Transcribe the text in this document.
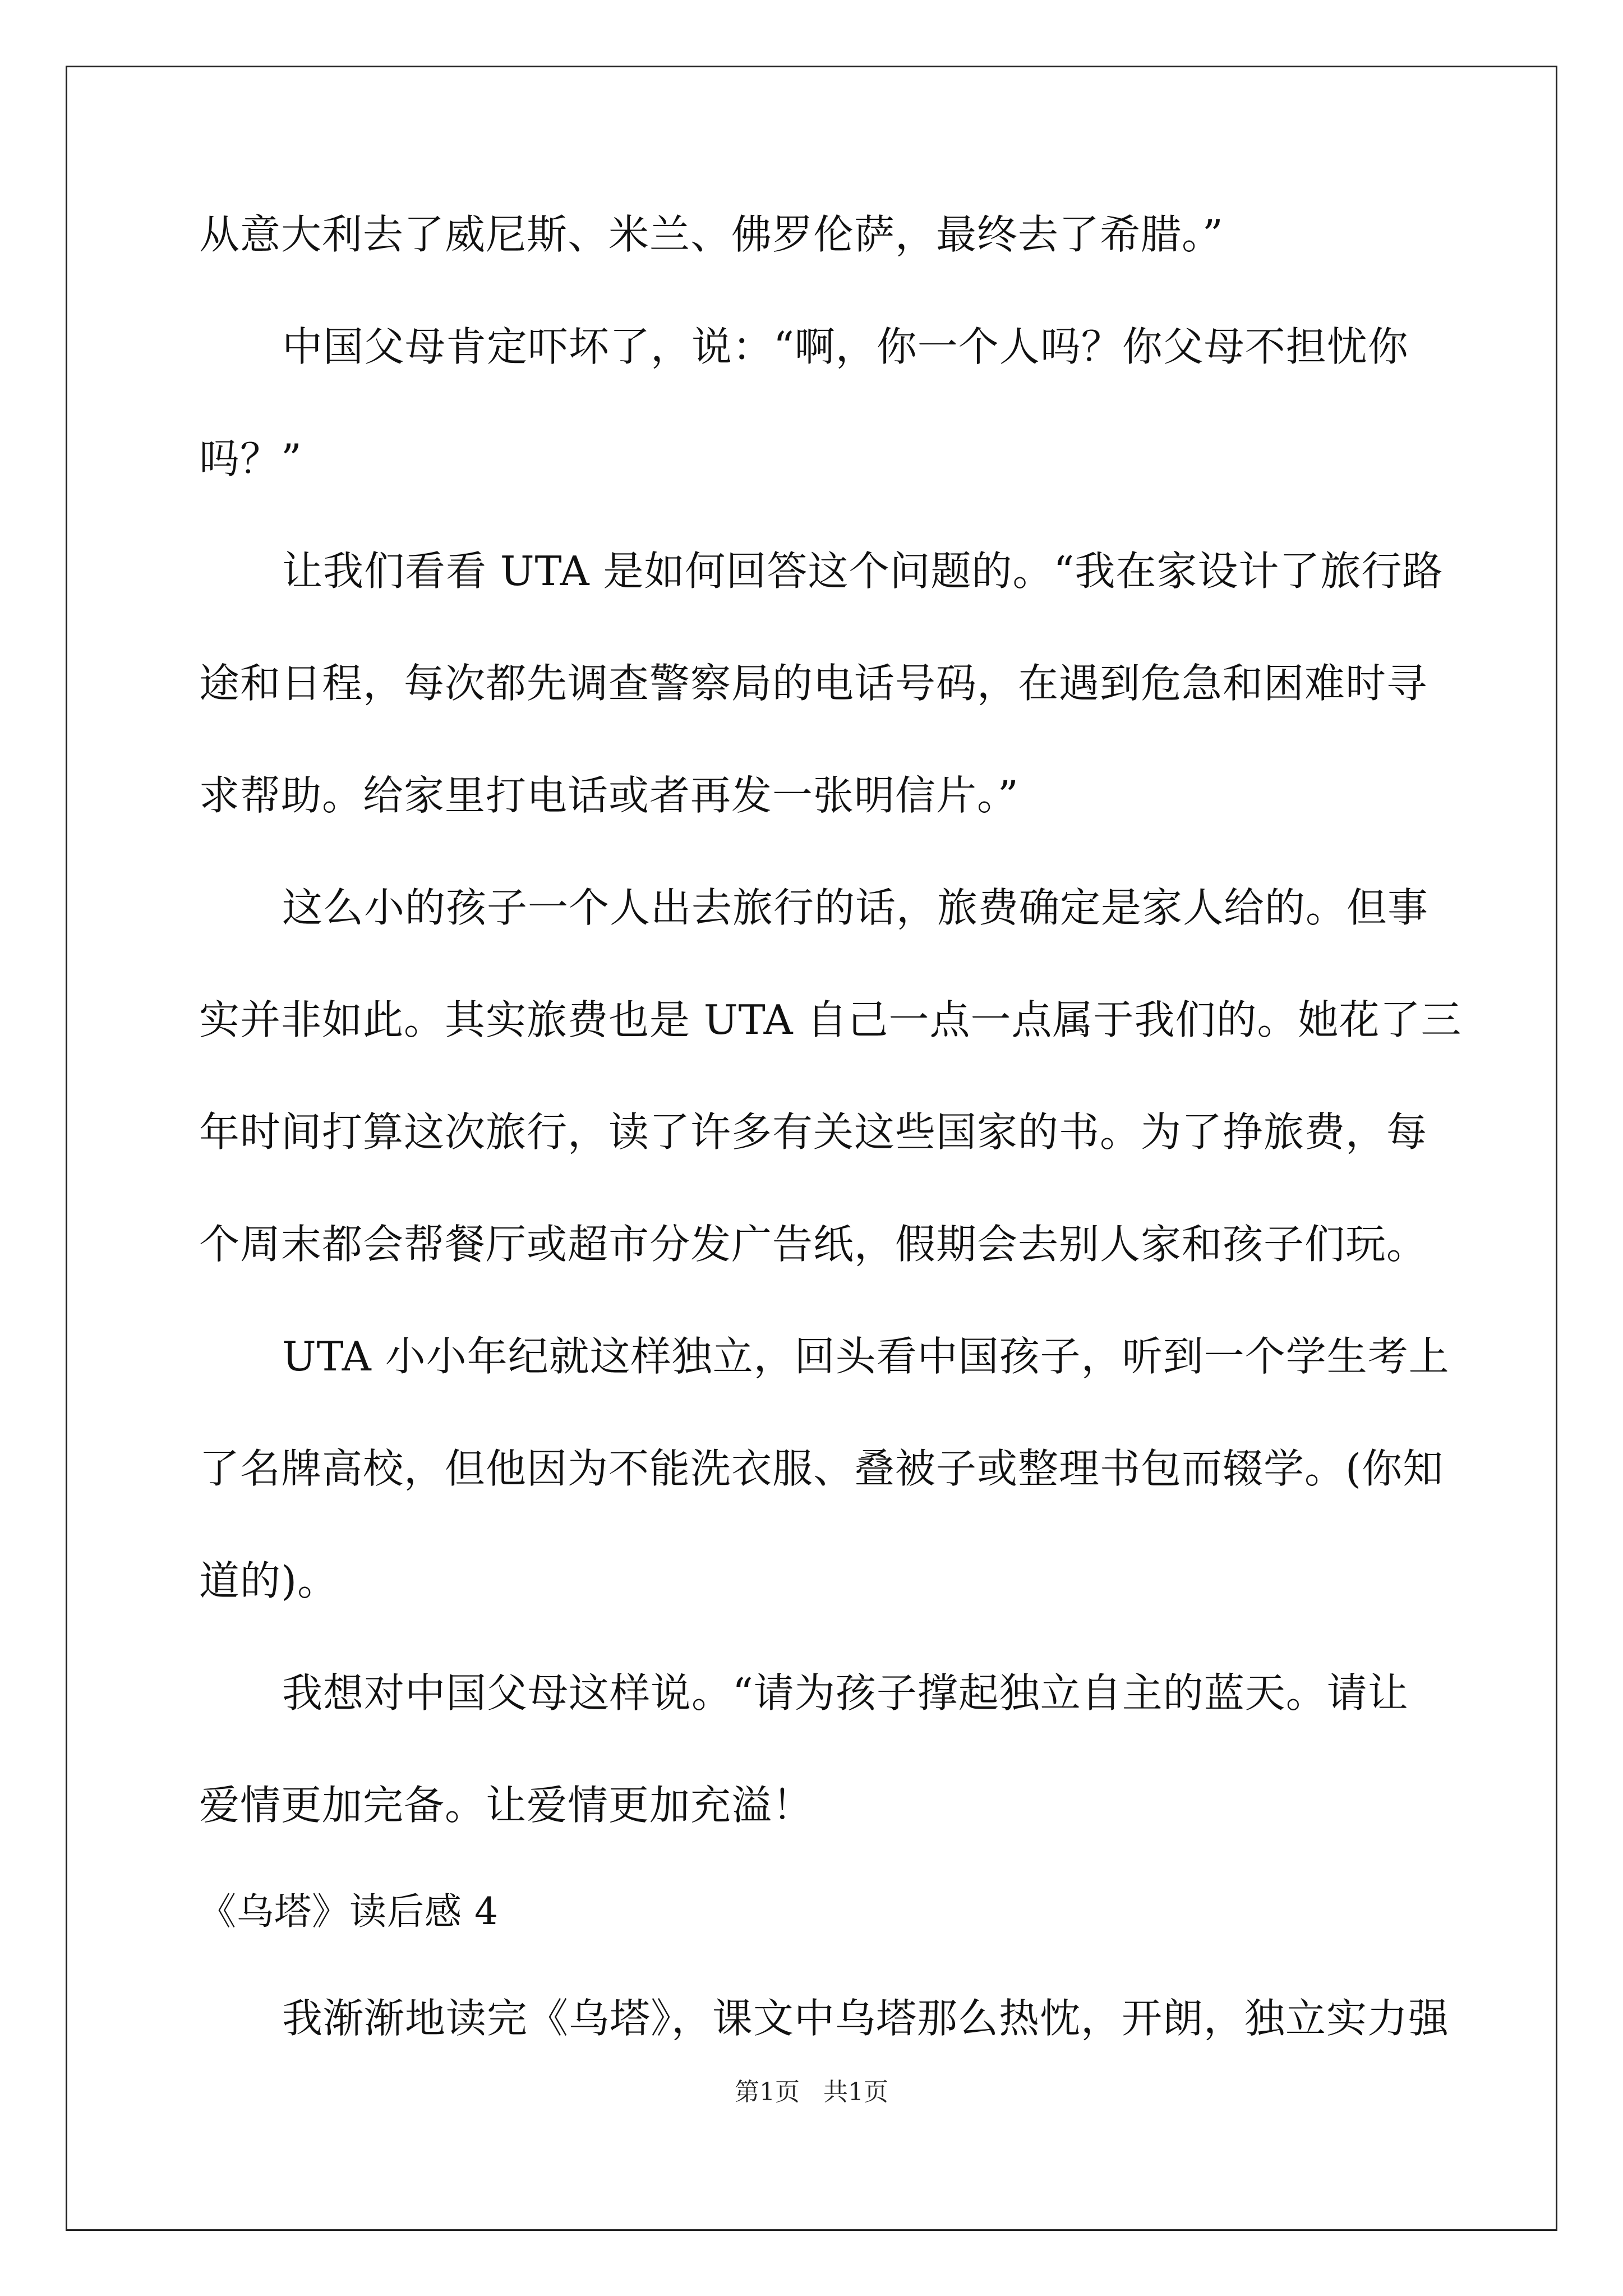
从意大利去了威尼斯、米兰、佛罗伦萨，最终去了希腊。”
中国父母肯定吓坏了，说：“啊，你一个人吗？你父母不担忧你
吗？”
让我们看看 UTA 是如何回答这个问题的。“我在家设计了旅行路
途和日程，每次都先调查警察局的电话号码，在遇到危急和困难时寻
求帮助。给家里打电话或者再发一张明信片。”
这么小的孩子一个人出去旅行的话，旅费确定是家人给的。但事
实并非如此。其实旅费也是 UTA 自己一点一点属于我们的。她花了三
年时间打算这次旅行，读了许多有关这些国家的书。为了挣旅费，每
个周末都会帮餐厅或超市分发广告纸，假期会去别人家和孩子们玩。
UTA 小小年纪就这样独立，回头看中国孩子，听到一个学生考上
了名牌高校，但他因为不能洗衣服、叠被子或整理书包而辍学。(你知
道的)。
我想对中国父母这样说。“请为孩子撑起独立自主的蓝天。请让
爱情更加完备。让爱情更加充溢！
《乌塔》读后感 4
我渐渐地读完《乌塔》，课文中乌塔那么热忱，开朗，独立实力强
第1页   共1页
